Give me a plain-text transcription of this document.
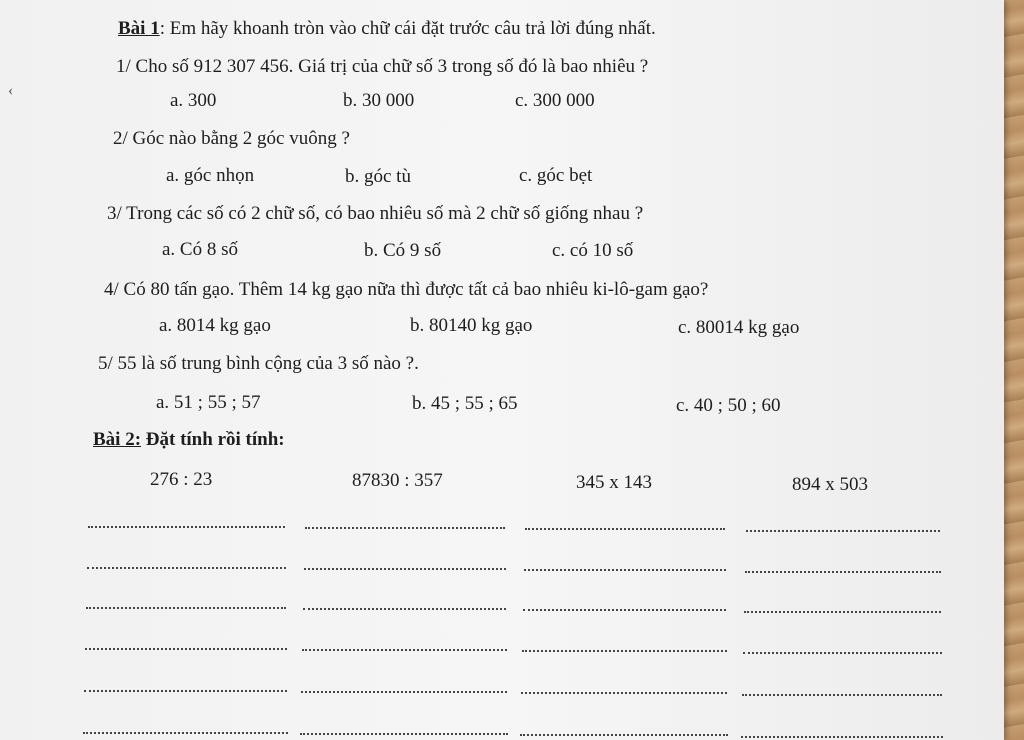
‹
Bài 1: Em hãy khoanh tròn vào chữ cái đặt trước câu trả lời đúng nhất.
1/ Cho số 912 307 456. Giá trị của chữ số 3 trong số đó là bao nhiêu ?
a. 300	b. 30 000	c. 300 000
2/ Góc nào bằng 2 góc vuông ?
a. góc nhọn	b. góc tù	c. góc bẹt
3/ Trong các số có 2 chữ số, có bao nhiêu số mà 2 chữ số giống nhau ?
a. Có 8 số	b. Có 9 số	c. có 10 số
4/ Có 80 tấn gạo. Thêm 14 kg gạo nữa thì được tất cả bao nhiêu ki-lô-gam gạo?
a. 8014 kg gạo	b. 80140 kg gạo	c. 80014 kg gạo
5/ 55 là số trung bình cộng của 3 số nào ?.
a. 51 ; 55 ; 57	b. 45 ; 55 ; 65	c. 40 ; 50 ; 60
Bài 2: Đặt tính rồi tính:
276 : 23	87830 : 357	345 x 143	894 x 503
